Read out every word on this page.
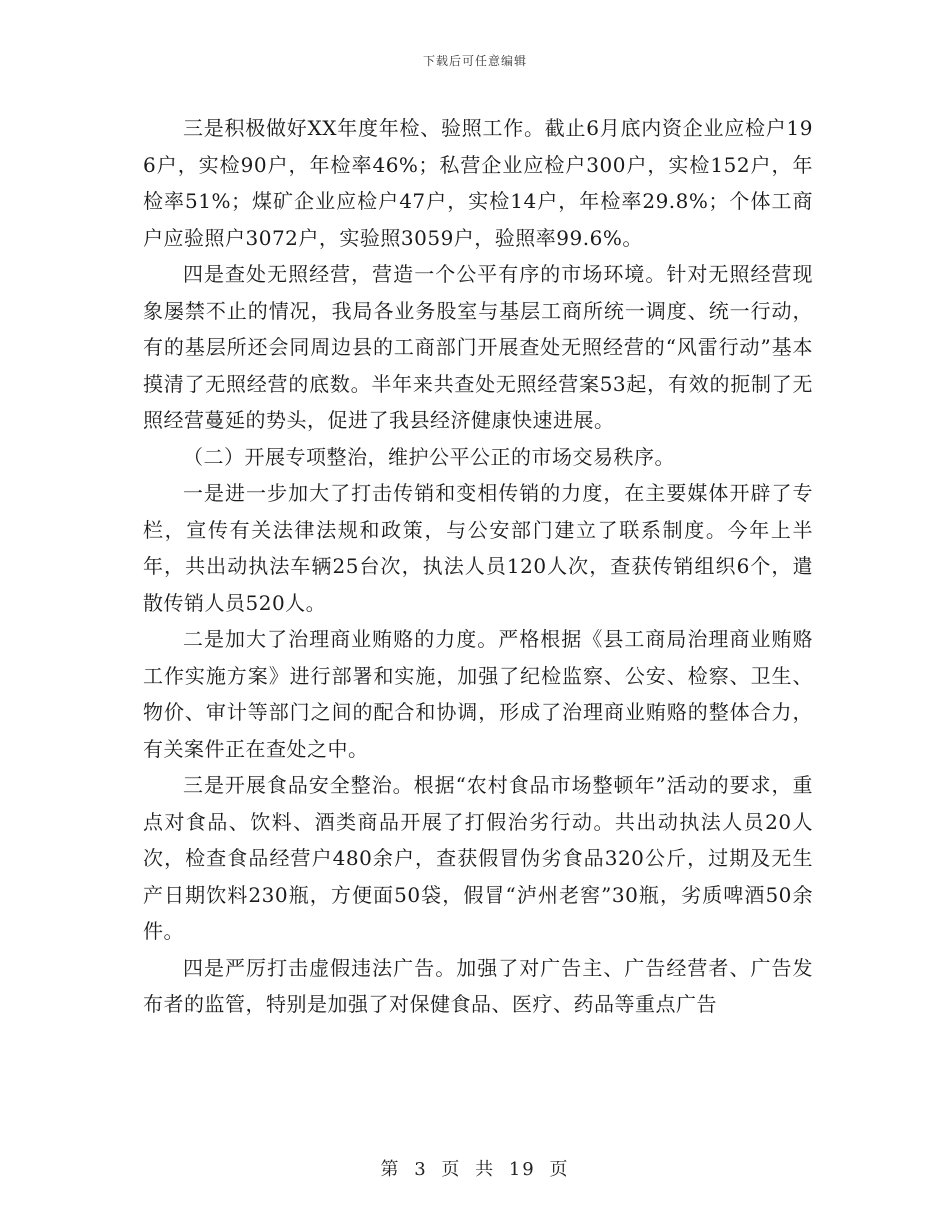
下载后可任意编辑

三是积极做好XX年度年检、验照工作。截止6月底内资企业应检户196户，实检90户，年检率46%；私营企业应检户300户，实检152户，年检率51%；煤矿企业应检户47户，实检14户，年检率29.8%；个体工商户应验照户3072户，实验照3059户，验照率99.6%。

四是查处无照经营，营造一个公平有序的市场环境。针对无照经营现象屡禁不止的情况，我局各业务股室与基层工商所统一调度、统一行动，有的基层所还会同周边县的工商部门开展查处无照经营的“风雷行动”基本摸清了无照经营的底数。半年来共查处无照经营案53起，有效的扼制了无照经营蔓延的势头，促进了我县经济健康快速进展。

（二）开展专项整治，维护公平公正的市场交易秩序。

一是进一步加大了打击传销和变相传销的力度，在主要媒体开辟了专栏，宣传有关法律法规和政策，与公安部门建立了联系制度。今年上半年，共出动执法车辆25台次，执法人员120人次，查获传销组织6个，遣散传销人员520人。

二是加大了治理商业贿赂的力度。严格根据《县工商局治理商业贿赂工作实施方案》进行部署和实施，加强了纪检监察、公安、检察、卫生、物价、审计等部门之间的配合和协调，形成了治理商业贿赂的整体合力，有关案件正在查处之中。

三是开展食品安全整治。根据“农村食品市场整顿年”活动的要求，重点对食品、饮料、酒类商品开展了打假治劣行动。共出动执法人员20人次，检查食品经营户480余户，查获假冒伪劣食品320公斤，过期及无生产日期饮料230瓶，方便面50袋，假冒“泸州老窖”30瓶，劣质啤酒50余件。

四是严厉打击虚假违法广告。加强了对广告主、广告经营者、广告发布者的监管，特别是加强了对保健食品、医疗、药品等重点广告

第 3 页 共 19 页
